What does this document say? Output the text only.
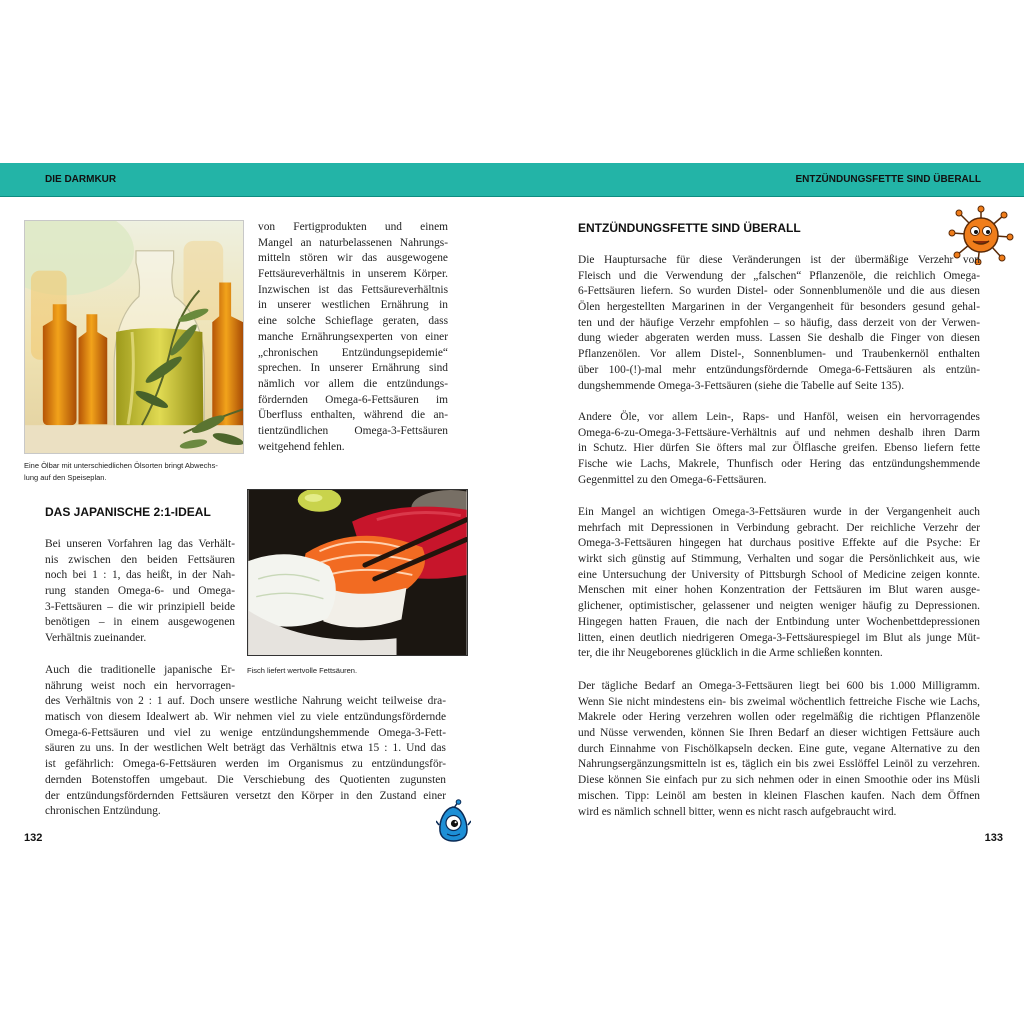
DIE DARMKUR	ENTZÜNDUNGSFETTE SIND ÜBERALL
Eine Ölbar mit unterschiedlichen Ölsorten bringt Abwechs-
lung auf den Speiseplan.
von Fertigprodukten und einem
Mangel an naturbelassenen Nahrungs-
mitteln stören wir das ausgewogene
Fettsäureverhältnis in unserem Körper.
Inzwischen ist das Fettsäureverhältnis
in unserer westlichen Ernährung in
eine solche Schieflage geraten, dass
manche Ernährungsexperten von einer
„chronischen Entzündungsepidemie“
sprechen. In unserer Ernährung sind
nämlich vor allem die entzündungs-
fördernden Omega-6-Fettsäuren im
Überfluss enthalten, während die an-
tientzündlichen Omega-3-Fettsäuren
weitgehend fehlen.
DAS JAPANISCHE 2:1-IDEAL
Bei unseren Vorfahren lag das Verhält-
nis zwischen den beiden Fettsäuren
noch bei 1 : 1, das heißt, in der Nah-
rung standen Omega-6- und Omega-
3-Fettsäuren – die wir prinzipiell beide
benötigen – in einem ausgewogenen
Verhältnis zueinander.
Auch die traditionelle japanische Er-
nährung weist noch ein hervorragen-
des Verhältnis von 2 : 1 auf. Doch unsere westliche Nahrung weicht teilweise dra-
matisch von diesem Idealwert ab. Wir nehmen viel zu viele entzündungsfördernde
Omega-6-Fettsäuren und viel zu wenige entzündungshemmende Omega-3-Fett-
säuren zu uns. In der westlichen Welt beträgt das Verhältnis etwa 15 : 1. Und das
ist gefährlich: Omega-6-Fettsäuren werden im Organismus zu entzündungsför-
dernden Botenstoffen umgebaut. Die Verschiebung des Quotienten zugunsten
der entzündungsfördernden Fettsäuren versetzt den Körper in den Zustand einer
chronischen Entzündung.
Fisch liefert wertvolle Fettsäuren.
132
ENTZÜNDUNGSFETTE SIND ÜBERALL
Die Hauptursache für diese Veränderungen ist der übermäßige Verzehr von
Fleisch und die Verwendung der „falschen“ Pflanzenöle, die reichlich Omega-
6-Fettsäuren liefern. So wurden Distel- oder Sonnenblumenöle und die aus diesen
Ölen hergestellten Margarinen in der Vergangenheit für besonders gesund gehal-
ten und der häufige Verzehr empfohlen – so häufig, dass derzeit von der Verwen-
dung wieder abgeraten werden muss. Lassen Sie deshalb die Finger von diesen
Pflanzenölen. Vor allem Distel-, Sonnenblumen- und Traubenkernöl enthalten
über 100-(!)-mal mehr entzündungsfördernde Omega-6-Fettsäuren als entzün-
dungshemmende Omega-3-Fettsäuren (siehe die Tabelle auf Seite 135).
Andere Öle, vor allem Lein-, Raps- und Hanföl, weisen ein hervorragendes
Omega-6-zu-Omega-3-Fettsäure-Verhältnis auf und nehmen deshalb ihren Darm
in Schutz. Hier dürfen Sie öfters mal zur Ölflasche greifen. Ebenso liefern fette
Fische wie Lachs, Makrele, Thunfisch oder Hering das entzündungshemmende
Gegenmittel zu den Omega-6-Fettsäuren.
Ein Mangel an wichtigen Omega-3-Fettsäuren wurde in der Vergangenheit auch
mehrfach mit Depressionen in Verbindung gebracht. Der reichliche Verzehr der
Omega-3-Fettsäuren hingegen hat durchaus positive Effekte auf die Psyche: Er
wirkt sich günstig auf Stimmung, Verhalten und sogar die Persönlichkeit aus, wie
eine Untersuchung der University of Pittsburgh School of Medicine zeigen konnte.
Menschen mit einer hohen Konzentration der Fettsäuren im Blut waren ausge-
glichener, optimistischer, gelassener und neigten weniger häufig zu Depressionen.
Hingegen hatten Frauen, die nach der Entbindung unter Wochenbettdepressionen
litten, einen deutlich niedrigeren Omega-3-Fettsäurespiegel im Blut als junge Müt-
ter, die ihr Neugeborenes glücklich in die Arme schließen konnten.
Der tägliche Bedarf an Omega-3-Fettsäuren liegt bei 600 bis 1.000 Milligramm.
Wenn Sie nicht mindestens ein- bis zweimal wöchentlich fettreiche Fische wie Lachs,
Makrele oder Hering verzehren wollen oder regelmäßig die richtigen Pflanzenöle
und Nüsse verwenden, können Sie Ihren Bedarf an dieser wichtigen Fettsäure auch
durch Einnahme von Fischölkapseln decken. Eine gute, vegane Alternative zu den
Nahrungsergänzungsmitteln ist es, täglich ein bis zwei Esslöffel Leinöl zu verzehren.
Diese können Sie einfach pur zu sich nehmen oder in einen Smoothie oder ins Müsli
mischen. Tipp: Leinöl am besten in kleinen Flaschen kaufen. Nach dem Öffnen
wird es nämlich schnell bitter, wenn es nicht rasch aufgebraucht wird.
133
